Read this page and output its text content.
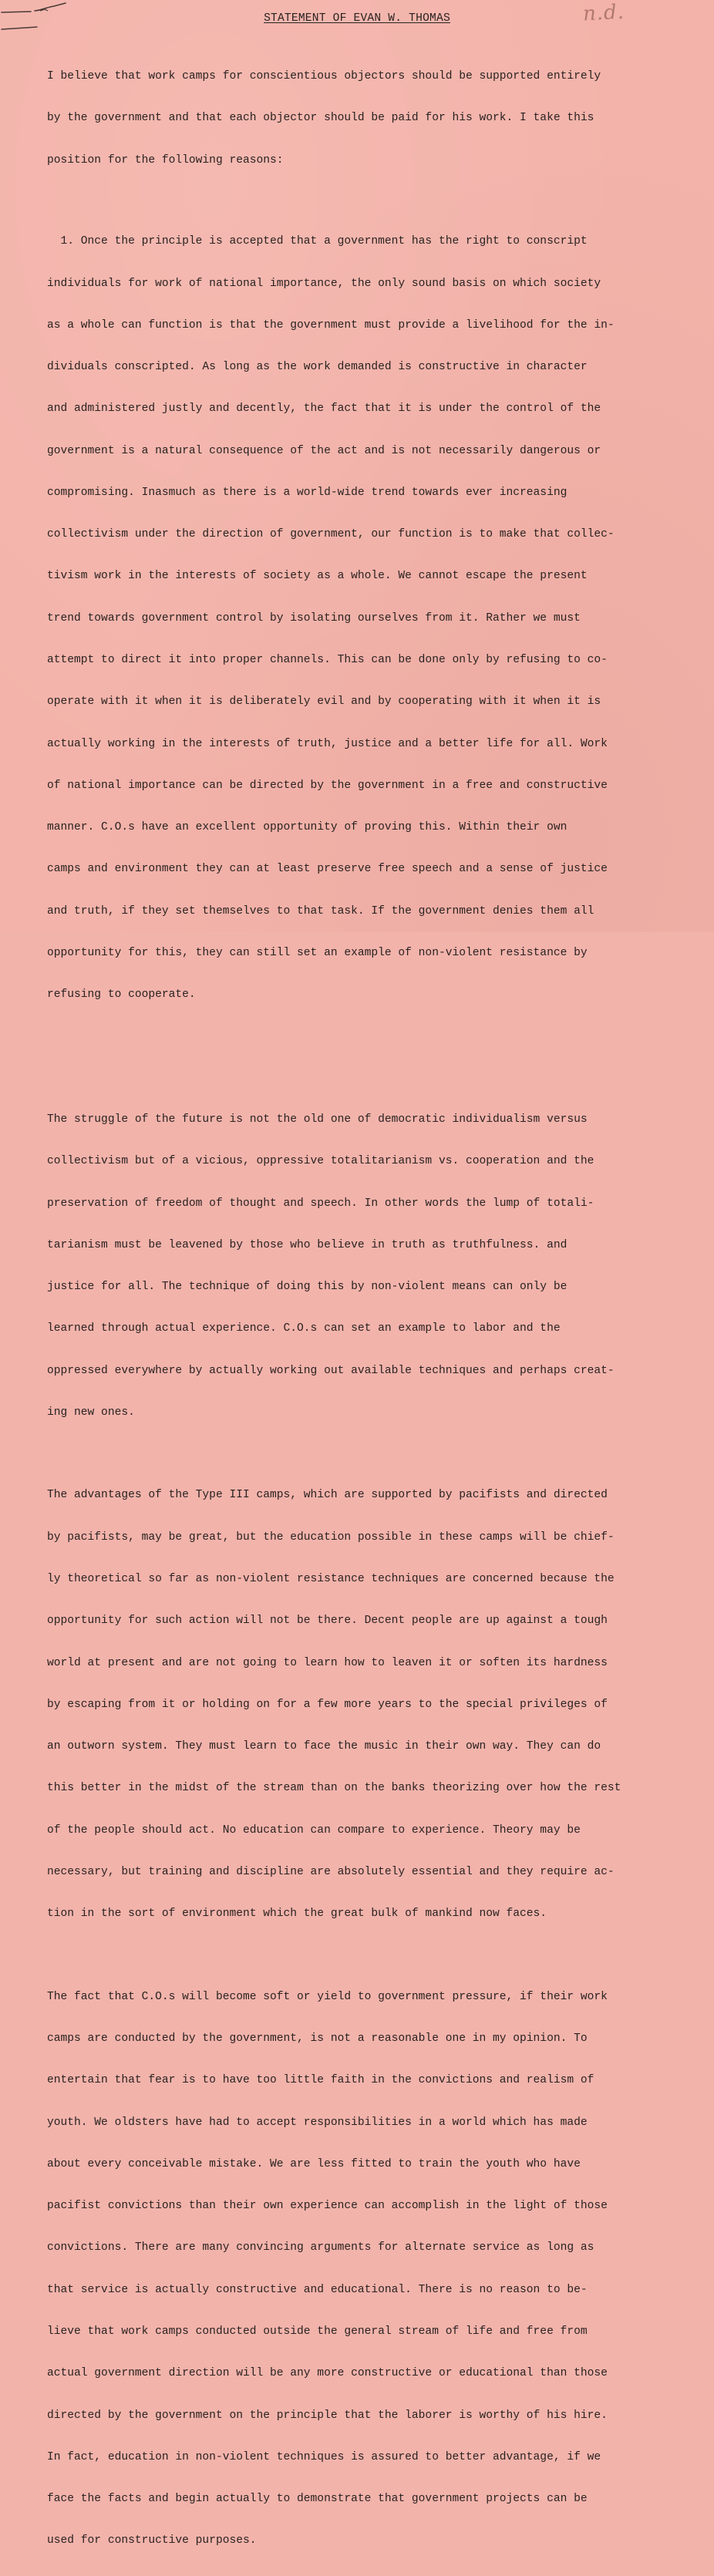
n.d.
STATEMENT OF EVAN W. THOMAS

I believe that work camps for conscientious objectors should be supported entirely

by the government and that each objector should be paid for his work. I take this

position for the following reasons:

1. Once the principle is accepted that a government has the right to conscript

individuals for work of national importance, the only sound basis on which society

as a whole can function is that the government must provide a livelihood for the in-

dividuals conscripted. As long as the work demanded is constructive in character

and administered justly and decently, the fact that it is under the control of the

government is a natural consequence of the act and is not necessarily dangerous or

compromising. Inasmuch as there is a world-wide trend towards ever increasing

collectivism under the direction of government, our function is to make that collec-

tivism work in the interests of society as a whole. We cannot escape the present

trend towards government control by isolating ourselves from it. Rather we must

attempt to direct it into proper channels. This can be done only by refusing to co-

operate with it when it is deliberately evil and by cooperating with it when it is

actually working in the interests of truth, justice and a better life for all. Work

of national importance can be directed by the government in a free and constructive

manner. C.O.s have an excellent opportunity of proving this. Within their own

camps and environment they can at least preserve free speech and a sense of justice

and truth, if they set themselves to that task. If the government denies them all

opportunity for this, they can still set an example of non-violent resistance by

refusing to cooperate.

The struggle of the future is not the old one of democratic individualism versus

collectivism but of a vicious, oppressive totalitarianism vs. cooperation and the

preservation of freedom of thought and speech. In other words the lump of totali-

tarianism must be leavened by those who believe in truth as truthfulness. and

justice for all. The technique of doing this by non-violent means can only be

learned through actual experience. C.O.s can set an example to labor and the

oppressed everywhere by actually working out available techniques and perhaps creat-

ing new ones.

The advantages of the Type III camps, which are supported by pacifists and directed

by pacifists, may be great, but the education possible in these camps will be chief-

ly theoretical so far as non-violent resistance techniques are concerned because the

opportunity for such action will not be there. Decent people are up against a tough

world at present and are not going to learn how to leaven it or soften its hardness

by escaping from it or holding on for a few more years to the special privileges of

an outworn system. They must learn to face the music in their own way. They can do

this better in the midst of the stream than on the banks theorizing over how the rest

of the people should act. No education can compare to experience. Theory may be

necessary, but training and discipline are absolutely essential and they require ac-

tion in the sort of environment which the great bulk of mankind now faces.

The fact that C.O.s will become soft or yield to government pressure, if their work

camps are conducted by the government, is not a reasonable one in my opinion. To

entertain that fear is to have too little faith in the convictions and realism of

youth. We oldsters have had to accept responsibilities in a world which has made

about every conceivable mistake. We are less fitted to train the youth who have

pacifist convictions than their own experience can accomplish in the light of those

convictions. There are many convincing arguments for alternate service as long as

that service is actually constructive and educational. There is no reason to be-

lieve that work camps conducted outside the general stream of life and free from

actual government direction will be any more constructive or educational than those

directed by the government on the principle that the laborer is worthy of his hire.

In fact, education in non-violent techniques is assured to better advantage, if we

face the facts and begin actually to demonstrate that government projects can be

used for constructive purposes.
